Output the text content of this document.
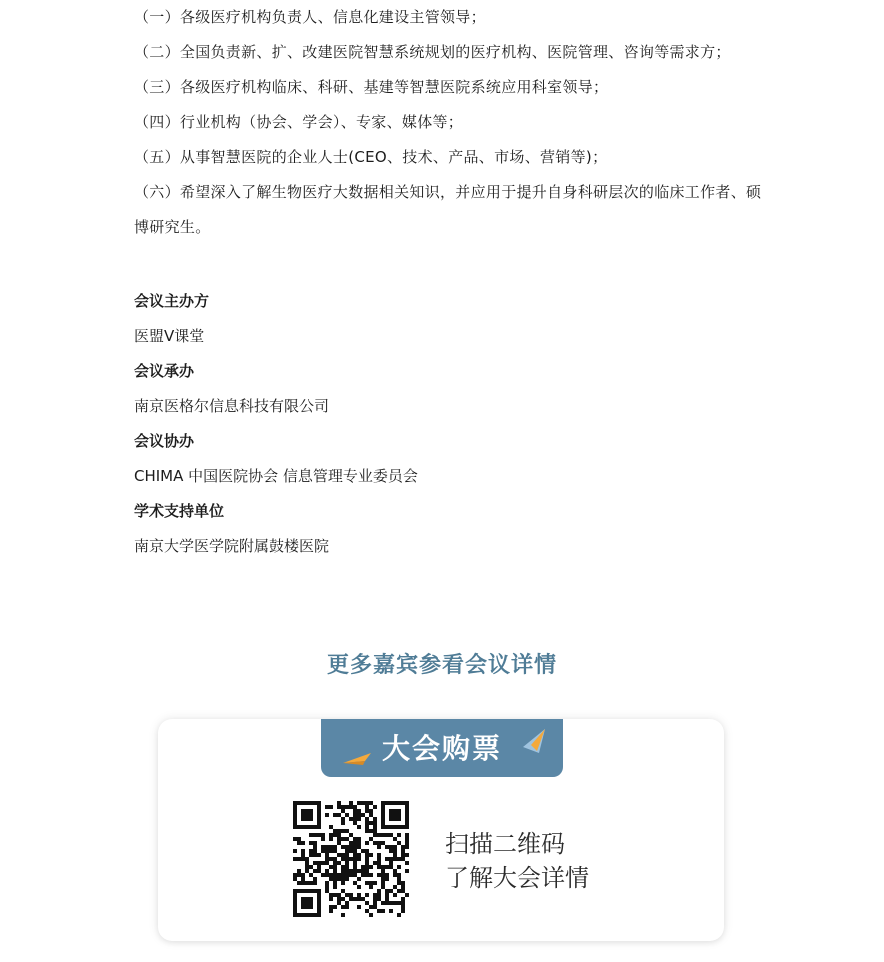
（一）各级医疗机构负责人、信息化建设主管领导；
（二）全国负责新、扩、改建医院智慧系统规划的医疗机构、医院管理、咨询等需求方；
（三）各级医疗机构临床、科研、基建等智慧医院系统应用科室领导；
（四）行业机构（协会、学会）、专家、媒体等；
（五）从事智慧医院的企业人士(CEO、技术、产品、市场、营销等)；
（六）希望深入了解生物医疗大数据相关知识，并应用于提升自身科研层次的临床工作者、硕博研究生。
会议主办方
医盟Ⅴ课堂
会议承办
南京医格尔信息科技有限公司
会议协办
CHIMA 中国医院协会 信息管理专业委员会
学术支持单位
南京大学医学院附属鼓楼医院
更多嘉宾参看会议详情
大会购票
扫描二维码
了解大会详情
